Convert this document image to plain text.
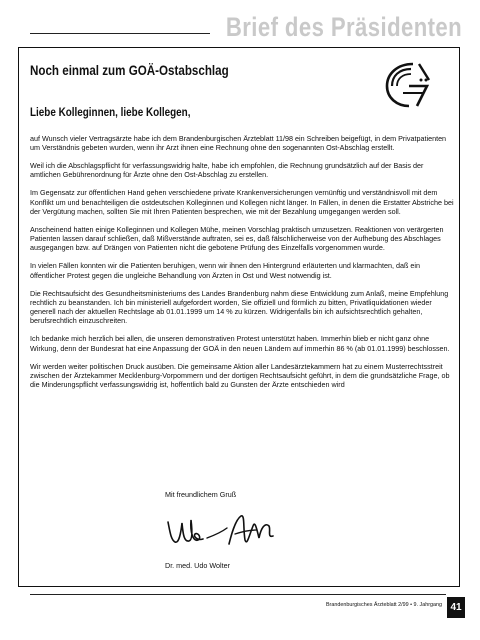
Brief des Präsidenten
Noch einmal zum GOÄ-Ostabschlag
Liebe Kolleginnen, liebe Kollegen,

auf Wunsch vieler Vertragsärzte habe ich dem Brandenburgischen Ärzteblatt 11/98 ein Schreiben beigefügt, in dem Privatpatienten um Verständnis gebeten wurden, wenn ihr Arzt ihnen eine Rechnung ohne den sogenannten Ost-Abschlag erstellt.

Weil ich die Abschlagspflicht für verfassungswidrig halte, habe ich empfohlen, die Rechnung grundsätzlich auf der Basis der amtlichen Gebührenordnung für Ärzte ohne den Ost-Abschlag zu erstellen.

Im Gegensatz zur öffentlichen Hand gehen verschiedene private Krankenversicherungen vernünftig und verständnisvoll mit dem Konflikt um und benachteiligen die ostdeutschen Kolleginnen und Kollegen nicht länger. In Fällen, in denen die Erstatter Abstriche bei der Vergütung machen, sollten Sie mit Ihren Patienten besprechen, wie mit der Bezahlung umgegangen werden soll.

Anscheinend hatten einige Kolleginnen und Kollegen Mühe, meinen Vorschlag praktisch umzusetzen. Reaktionen von verärgerten Patienten lassen darauf schließen, daß Mißverstände auftraten, sei es, daß fälschlicherweise von der Aufhebung des Abschlages ausgegangen bzw. auf Drängen von Patienten nicht die gebotene Prüfung des Einzelfalls vorgenommen wurde.

In vielen Fällen konnten wir die Patienten beruhigen, wenn wir ihnen den Hintergrund erläuterten und klarmachten, daß ein öffentlicher Protest gegen die ungleiche Behandlung von Ärzten in Ost und West notwendig ist.

Die Rechtsaufsicht des Gesundheitsministeriums des Landes Brandenburg nahm diese Entwicklung zum Anlaß, meine Empfehlung rechtlich zu beanstanden. Ich bin ministeriell aufgefordert worden, Sie offiziell und förmlich zu bitten, Privatliquidationen wieder generell nach der aktuellen Rechtslage ab 01.01.1999 um 14 % zu kürzen. Widrigenfalls bin ich aufsichtsrechtlich gehalten, berufsrechtlich einzuschreiten.

Ich bedanke mich herzlich bei allen, die unseren demonstrativen Protest unterstützt haben. Immerhin blieb er nicht ganz ohne Wirkung, denn der Bundesrat hat eine Anpassung der GOÄ in den neuen Ländern auf immerhin 86 % (ab 01.01.1999) beschlossen.

Wir werden weiter politischen Druck ausüben. Die gemeinsame Aktion aller Landesärztekammern hat zu einem Musterrechtsstreit zwischen der Ärztekammer Mecklenburg-Vorpommern und der dortigen Rechtsaufsicht geführt, in dem die grundsätzliche Frage, ob die Minderungspflicht verfassungswidrig ist, hoffentlich bald zu Gunsten der Ärzte entschieden wird

Mit freundlichem Gruß
Dr. med. Udo Wolter
Brandenburgisches Ärzteblatt 2/99 • 9. Jahrgang 41
